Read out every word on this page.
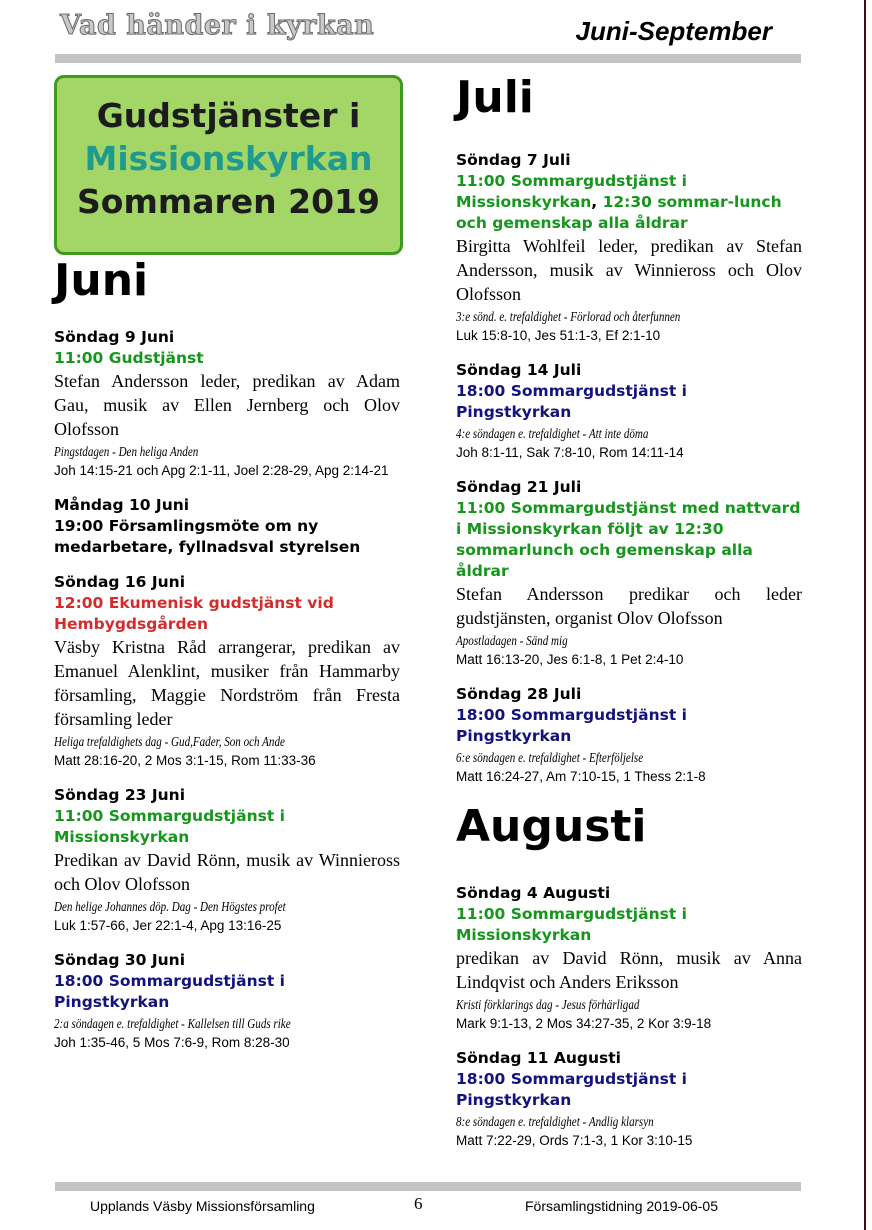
Vad händer i kyrkan	Juni-September
Gudstjänster i
Missionskyrkan
Sommaren 2019
Juni
Söndag 9 Juni
11:00 Gudstjänst
Stefan Andersson leder, predikan av Adam Gau, musik av Ellen Jernberg och Olov Olofsson
Pingstdagen - Den heliga Anden
Joh 14:15-21 och Apg 2:1-11, Joel 2:28-29, Apg 2:14-21
Måndag 10 Juni
19:00 Församlingsmöte om ny medarbetare, fyllnadsval styrelsen
Söndag 16 Juni
12:00 Ekumenisk gudstjänst vid Hembygdsgården
Väsby Kristna Råd arrangerar, predikan av Emanuel Alenklint, musiker från Hammarby församling, Maggie Nordström från Fresta församling leder
Heliga trefaldighets dag - Gud,Fader, Son och Ande
Matt 28:16-20, 2 Mos 3:1-15, Rom 11:33-36
Söndag 23 Juni
11:00 Sommargudstjänst i Missionskyrkan
Predikan av David Rönn, musik av Winnieross och Olov Olofsson
Den helige Johannes döp. Dag - Den Högstes profet
Luk 1:57-66, Jer 22:1-4, Apg 13:16-25
Söndag 30 Juni
18:00 Sommargudstjänst i Pingstkyrkan
2:a söndagen e. trefaldighet - Kallelsen till Guds rike
Joh 1:35-46, 5 Mos 7:6-9, Rom 8:28-30
Juli
Söndag 7 Juli
11:00 Sommargudstjänst i Missionskyrkan, 12:30 sommar-lunch och gemenskap alla åldrar
Birgitta Wohlfeil leder, predikan av Stefan Andersson, musik av Winnieross och Olov Olofsson
3:e sönd. e. trefaldighet - Förlorad och återfunnen
Luk 15:8-10, Jes 51:1-3, Ef 2:1-10
Söndag 14 Juli
18:00 Sommargudstjänst i Pingstkyrkan
4:e söndagen e. trefaldighet - Att inte döma
Joh 8:1-11, Sak 7:8-10, Rom 14:11-14
Söndag 21 Juli
11:00 Sommargudstjänst med nattvard i Missionskyrkan följt av 12:30 sommarlunch och gemenskap alla åldrar
Stefan Andersson predikar och leder gudstjänsten, organist Olov Olofsson
Apostladagen - Sänd mig
Matt 16:13-20, Jes 6:1-8, 1 Pet 2:4-10
Söndag 28 Juli
18:00 Sommargudstjänst i Pingstkyrkan
6:e söndagen e. trefaldighet - Efterföljelse
Matt 16:24-27, Am 7:10-15, 1 Thess 2:1-8
Augusti
Söndag 4 Augusti
11:00 Sommargudstjänst i Missionskyrkan
predikan av David Rönn, musik av Anna Lindqvist och Anders Eriksson
Kristi förklarings dag - Jesus förhärligad
Mark 9:1-13, 2 Mos 34:27-35, 2 Kor 3:9-18
Söndag 11 Augusti
18:00 Sommargudstjänst i Pingstkyrkan
8:e söndagen e. trefaldighet - Andlig klarsyn
Matt 7:22-29, Ords 7:1-3, 1 Kor 3:10-15
Upplands Väsby Missionsförsamling	6	Församlingstidning 2019-06-05
